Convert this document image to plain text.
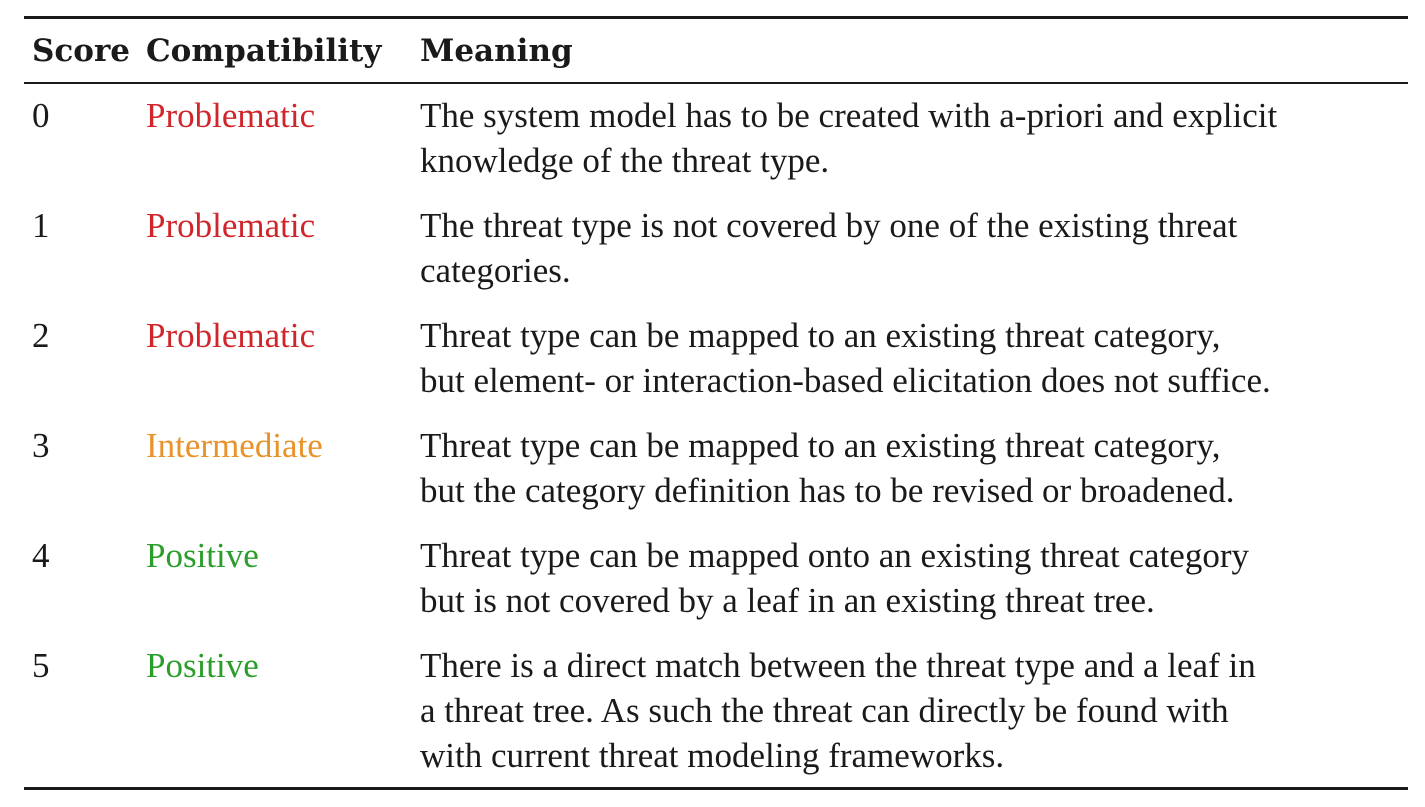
Score Compatibility Meaning
0	Problematic	The system model has to be created with a-priori and explicit
knowledge of the threat type.
1	Problematic	The threat type is not covered by one of the existing threat
categories.
2	Problematic	Threat type can be mapped to an existing threat category,
but element- or interaction-based elicitation does not suffice.
3	Intermediate	Threat type can be mapped to an existing threat category,
but the category definition has to be revised or broadened.
4	Positive	Threat type can be mapped onto an existing threat category
but is not covered by a leaf in an existing threat tree.
5	Positive	There is a direct match between the threat type and a leaf in
a threat tree. As such the threat can directly be found with
with current threat modeling frameworks.
